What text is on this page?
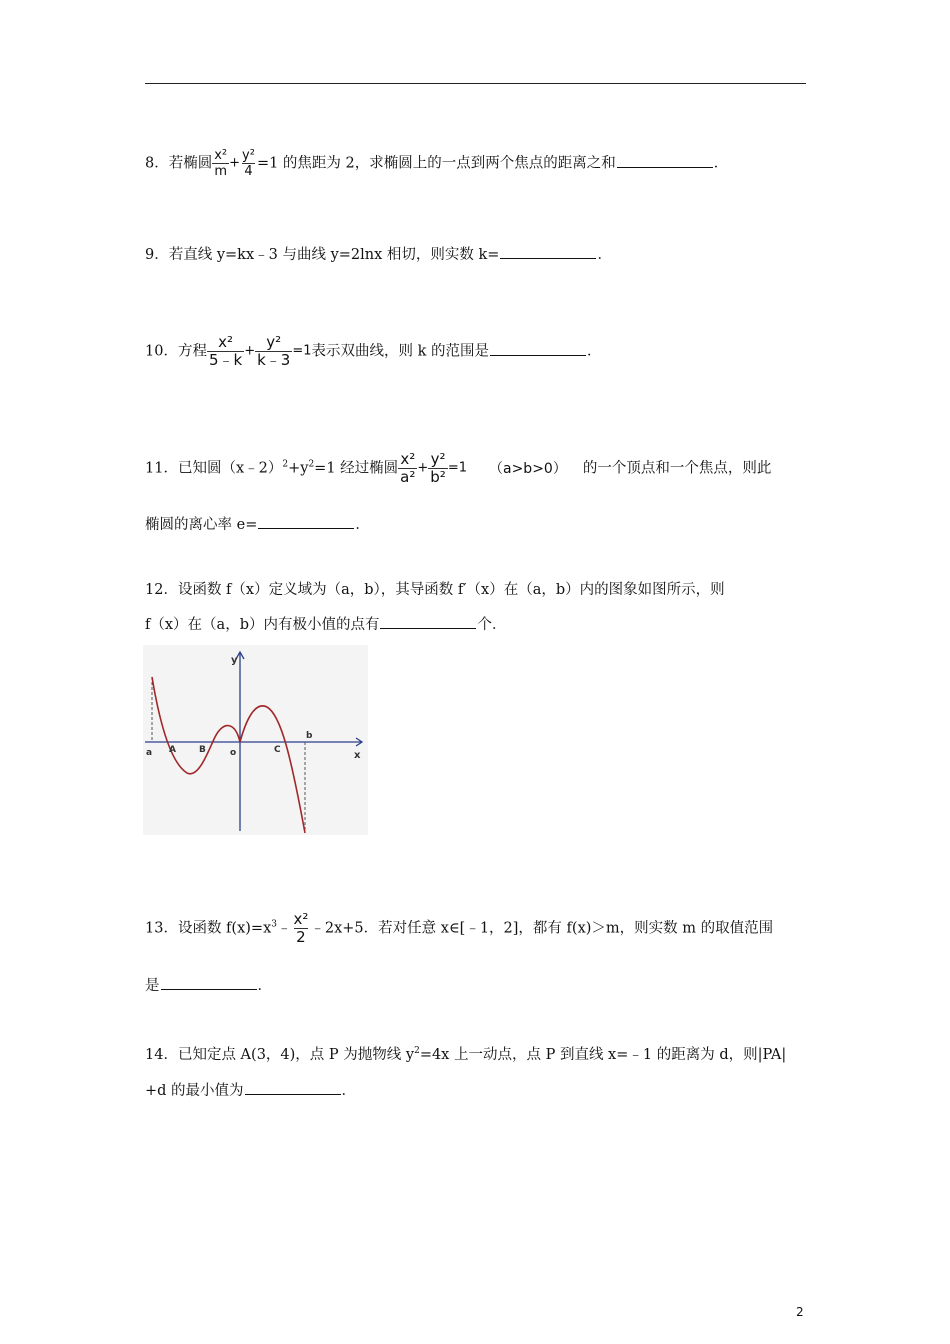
8．若椭圆 $\frac{\text{x²}}{m} + \frac{\text{y²}}{4} =1$ 的焦距为 2，求椭圆上的一点到两个焦点的距离之和	．
9．若直线 y=kx﹣3 与曲线 y=2lnx 相切，则实数 k=	．
10．方程 $\frac{\text{x²}}{5﹣k} + \frac{\text{y²}}{k﹣3} =1$表示双曲线，则 k 的范围是	．
11．已知圆$(x﹣2)^2+y^2=1$ 经过椭圆 $\frac{\text{x²}}{\text{a²}} + \frac{\text{y²}}{\text{b²}} =1$ （a>b>0） 的一个顶点和一个焦点，则此
椭圆的离心率 e=	．
12．设函数 f（x）定义域为（a，b），其导函数 f′（x）在（a，b）内的图象如图所示，则
f（x）在（a，b）内有极小值的点有	个．
y
x
a A	B	o	C
b
13．设函数 $f(x)=x^3﹣ \frac{\text{x²}}{2}$ ﹣2x+5．若对任意 x∈[﹣1，2]，都有 f(x)＞m，则实数 m 的取值范围
是	．
14．已知定点 A(3，4)，点 P 为抛物线 $y^2=4x$ 上一动点，点 P 到直线 x=﹣1 的距离为 d，则|PA|
+d 的最小值为	．
2
